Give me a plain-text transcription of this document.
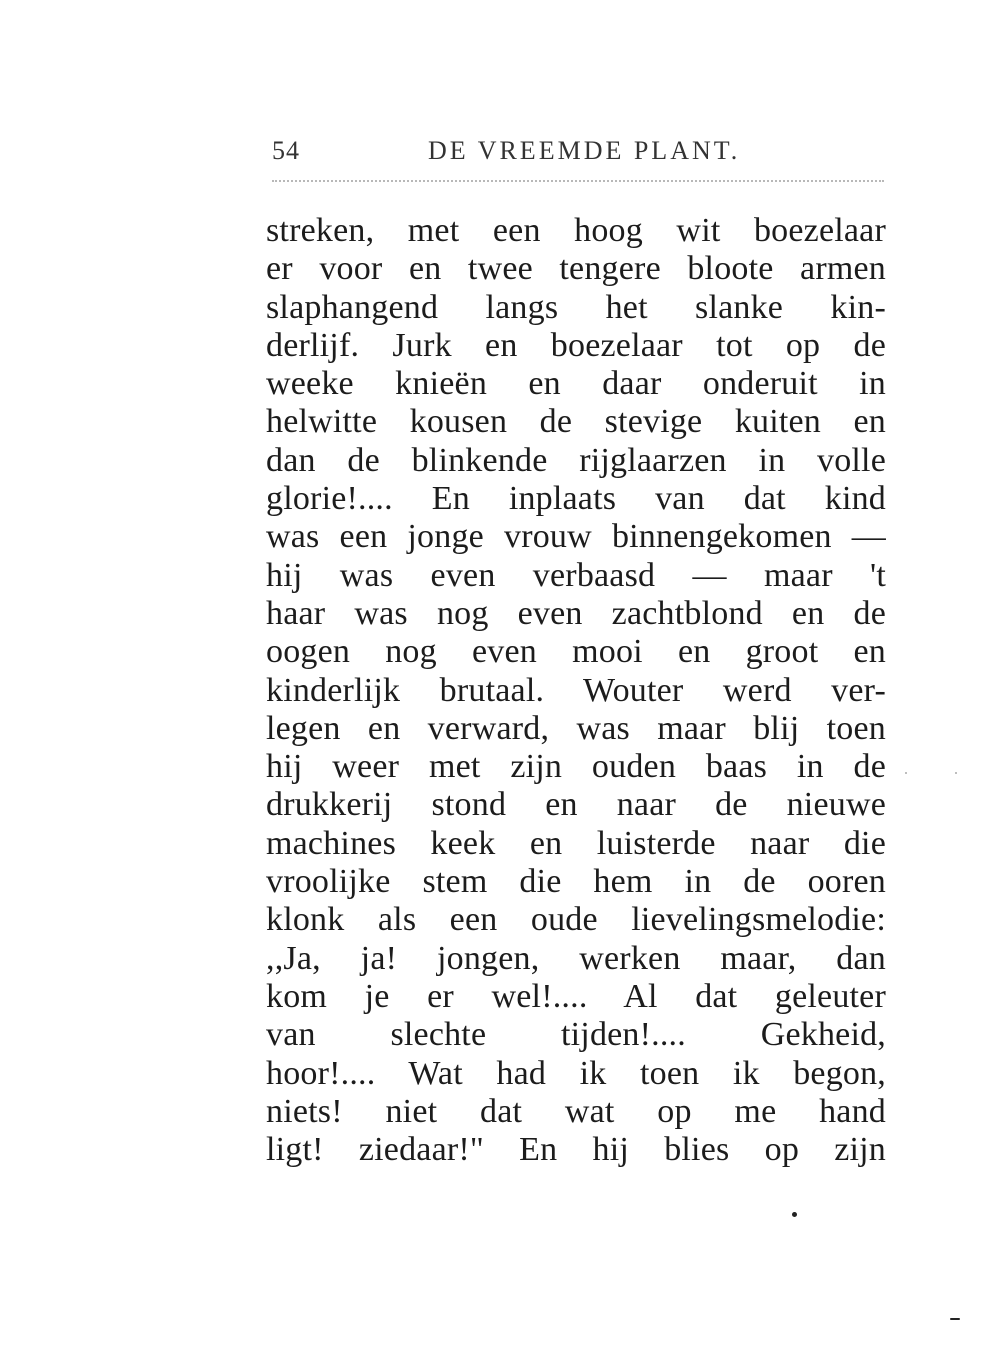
54	DE VREEMDE PLANT.
streken, met een hoog wit boezelaar
er voor en twee tengere bloote armen
slaphangend langs het slanke kin-
derlijf. Jurk en boezelaar tot op de
weeke knieën en daar onderuit in
helwitte kousen de stevige kuiten en
dan de blinkende rijglaarzen in volle
glorie!.... En inplaats van dat kind
was een jonge vrouw binnengekomen —
hij was even verbaasd — maar 't
haar was nog even zachtblond en de
oogen nog even mooi en groot en
kinderlijk brutaal. Wouter werd ver-
legen en verward, was maar blij toen
hij weer met zijn ouden baas in de
drukkerij stond en naar de nieuwe
machines keek en luisterde naar die
vroolijke stem die hem in de ooren
klonk als een oude lievelingsmelodie:
,,Ja, ja! jongen, werken maar, dan
kom je er wel!.... Al dat geleuter
van slechte tijden!.... Gekheid,
hoor!.... Wat had ik toen ik begon,
niets! niet dat wat op me hand
ligt! ziedaar!" En hij blies op zijn
